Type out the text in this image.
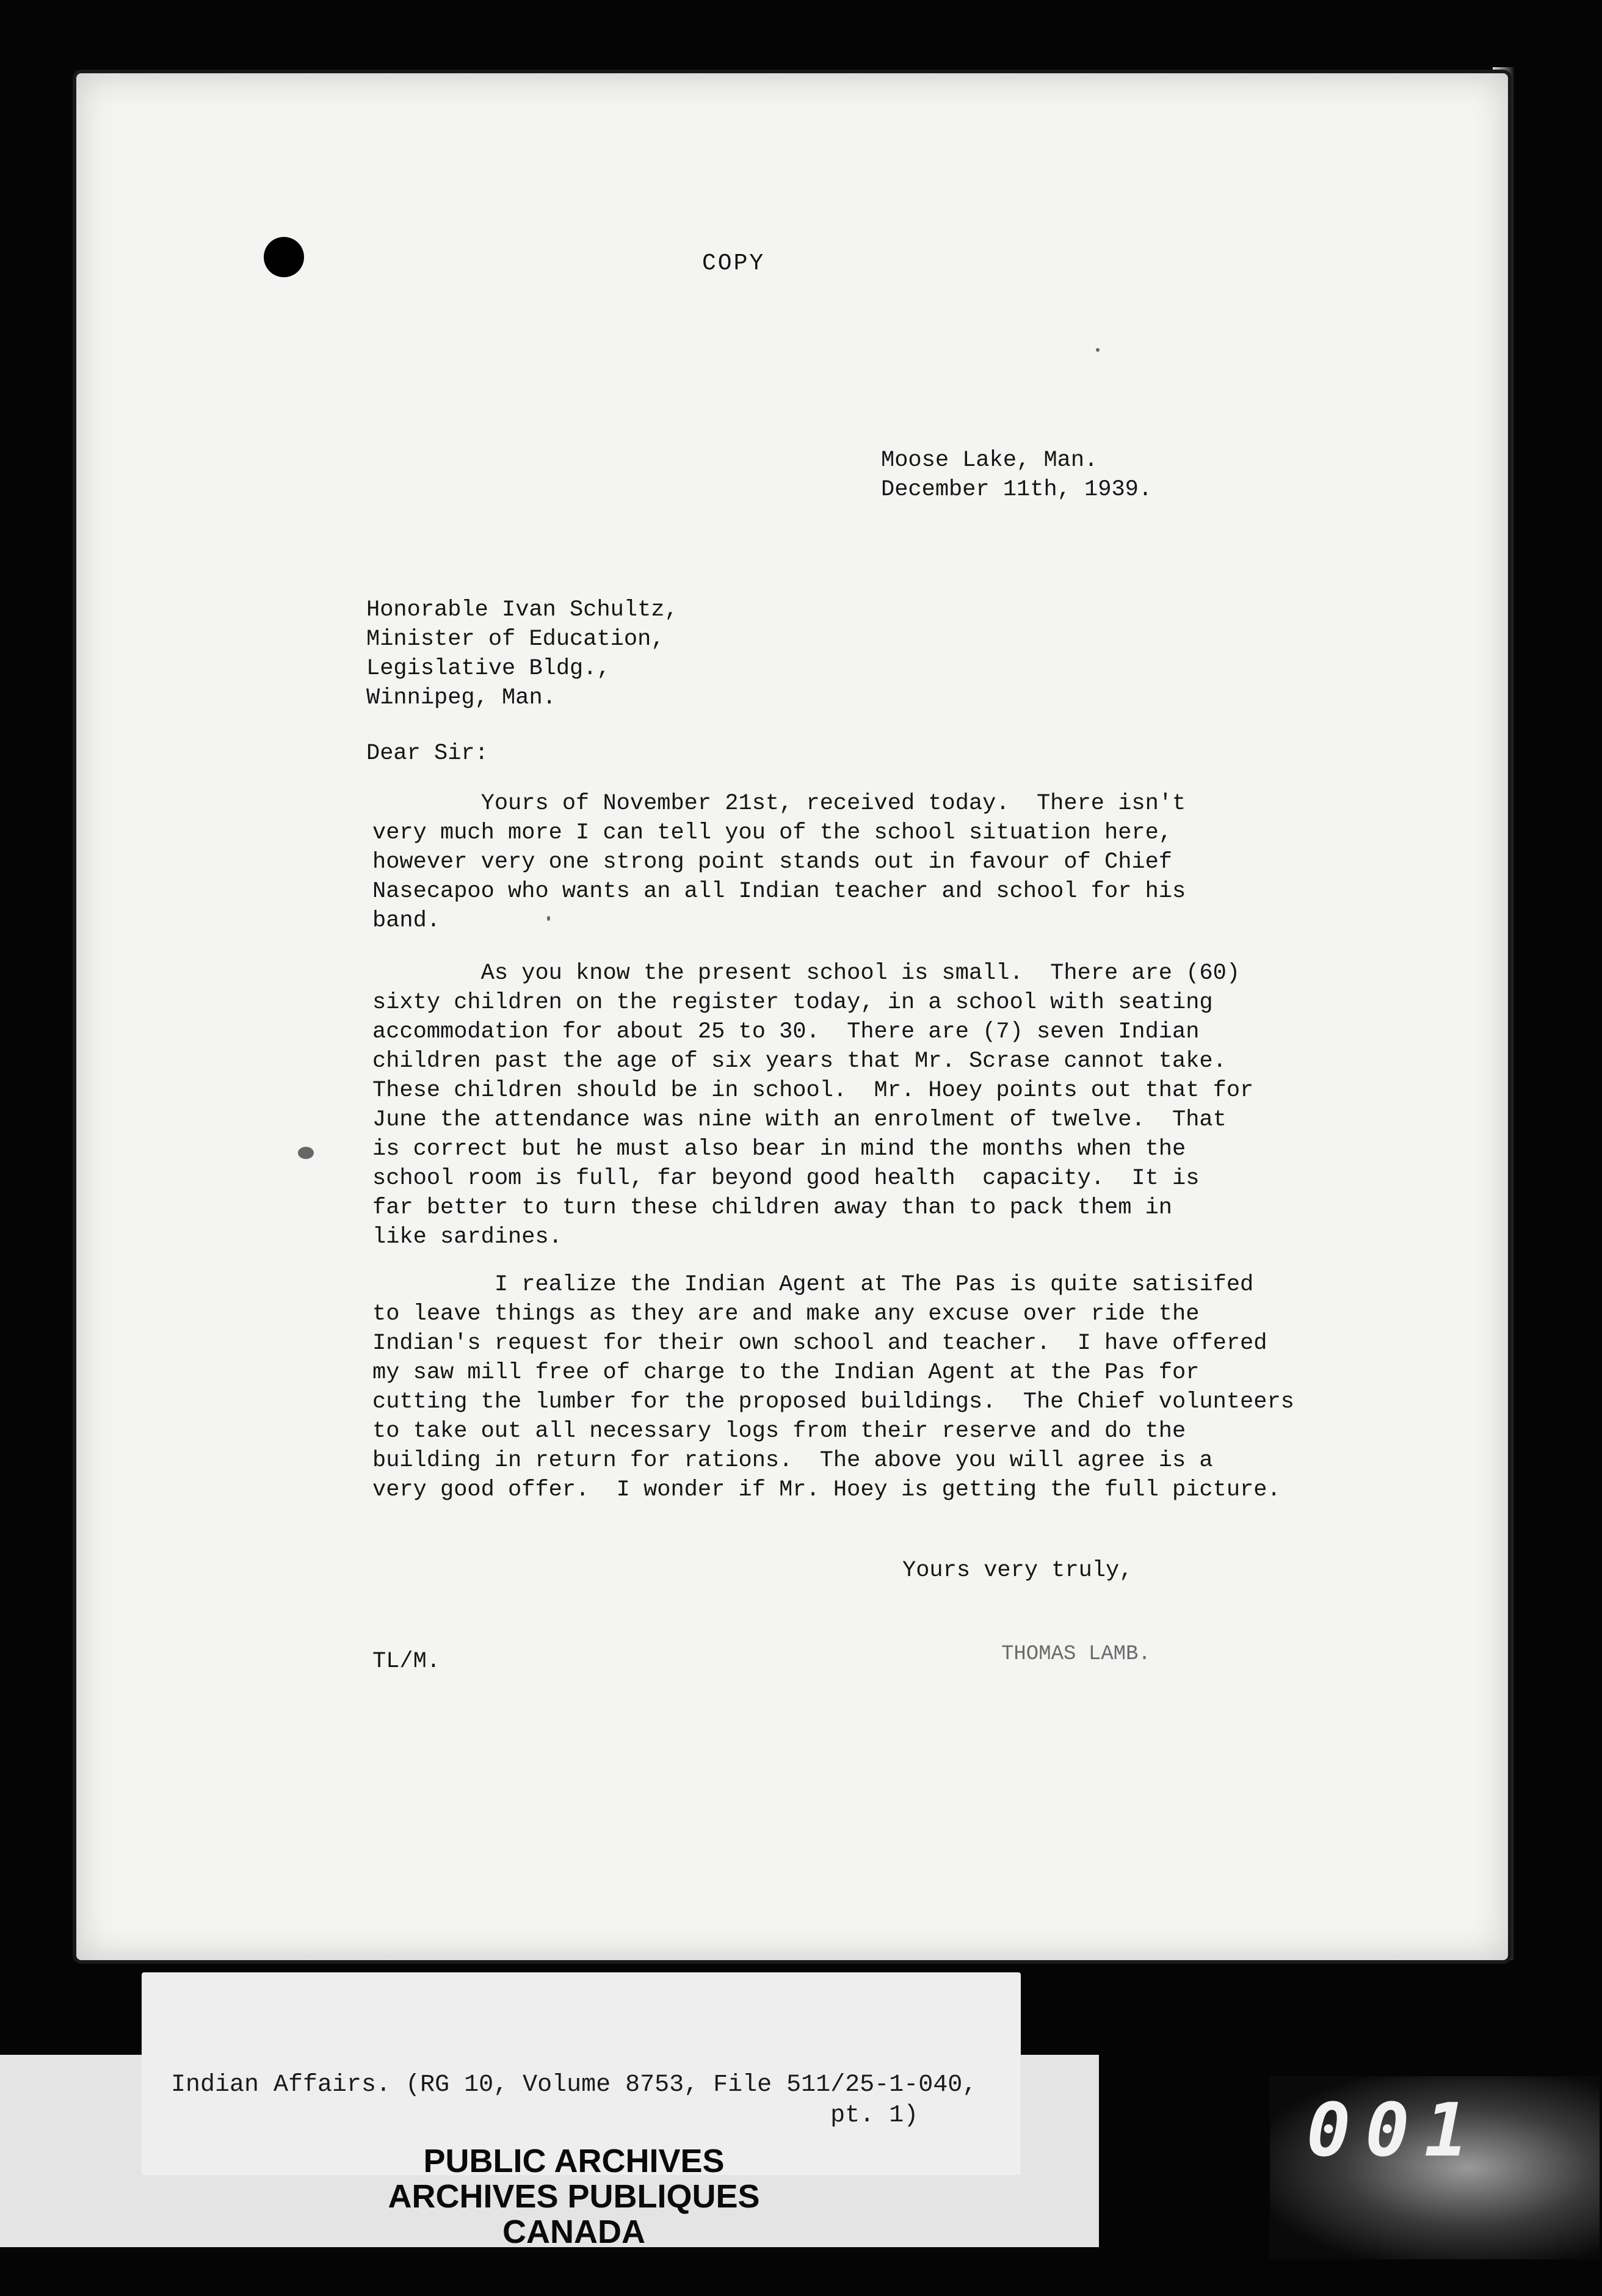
COPY
Moose Lake, Man.
December 11th, 1939.
Honorable Ivan Schultz,
Minister of Education,
Legislative Bldg.,
Winnipeg, Man.
Dear Sir:
Yours of November 21st, received today.  There isn't
very much more I can tell you of the school situation here,
however very one strong point stands out in favour of Chief
Nasecapoo who wants an all Indian teacher and school for his
band.
As you know the present school is small.  There are (60)
sixty children on the register today, in a school with seating
accommodation for about 25 to 30.  There are (7) seven Indian
children past the age of six years that Mr. Scrase cannot take.
These children should be in school.  Mr. Hoey points out that for
June the attendance was nine with an enrolment of twelve.  That
is correct but he must also bear in mind the months when the
school room is full, far beyond good health  capacity.  It is
far better to turn these children away than to pack them in
like sardines.
I realize the Indian Agent at The Pas is quite satisifed
to leave things as they are and make any excuse over ride the
Indian's request for their own school and teacher.  I have offered
my saw mill free of charge to the Indian Agent at the Pas for
cutting the lumber for the proposed buildings.  The Chief volunteers
to take out all necessary logs from their reserve and do the
building in return for rations.  The above you will agree is a
very good offer.  I wonder if Mr. Hoey is getting the full picture.
Yours very truly,
TL/M.	THOMAS LAMB.
Indian Affairs. (RG 10, Volume 8753, File 511/25-1-040,
pt. 1)
PUBLIC ARCHIVES
ARCHIVES PUBLIQUES
CANADA
001
